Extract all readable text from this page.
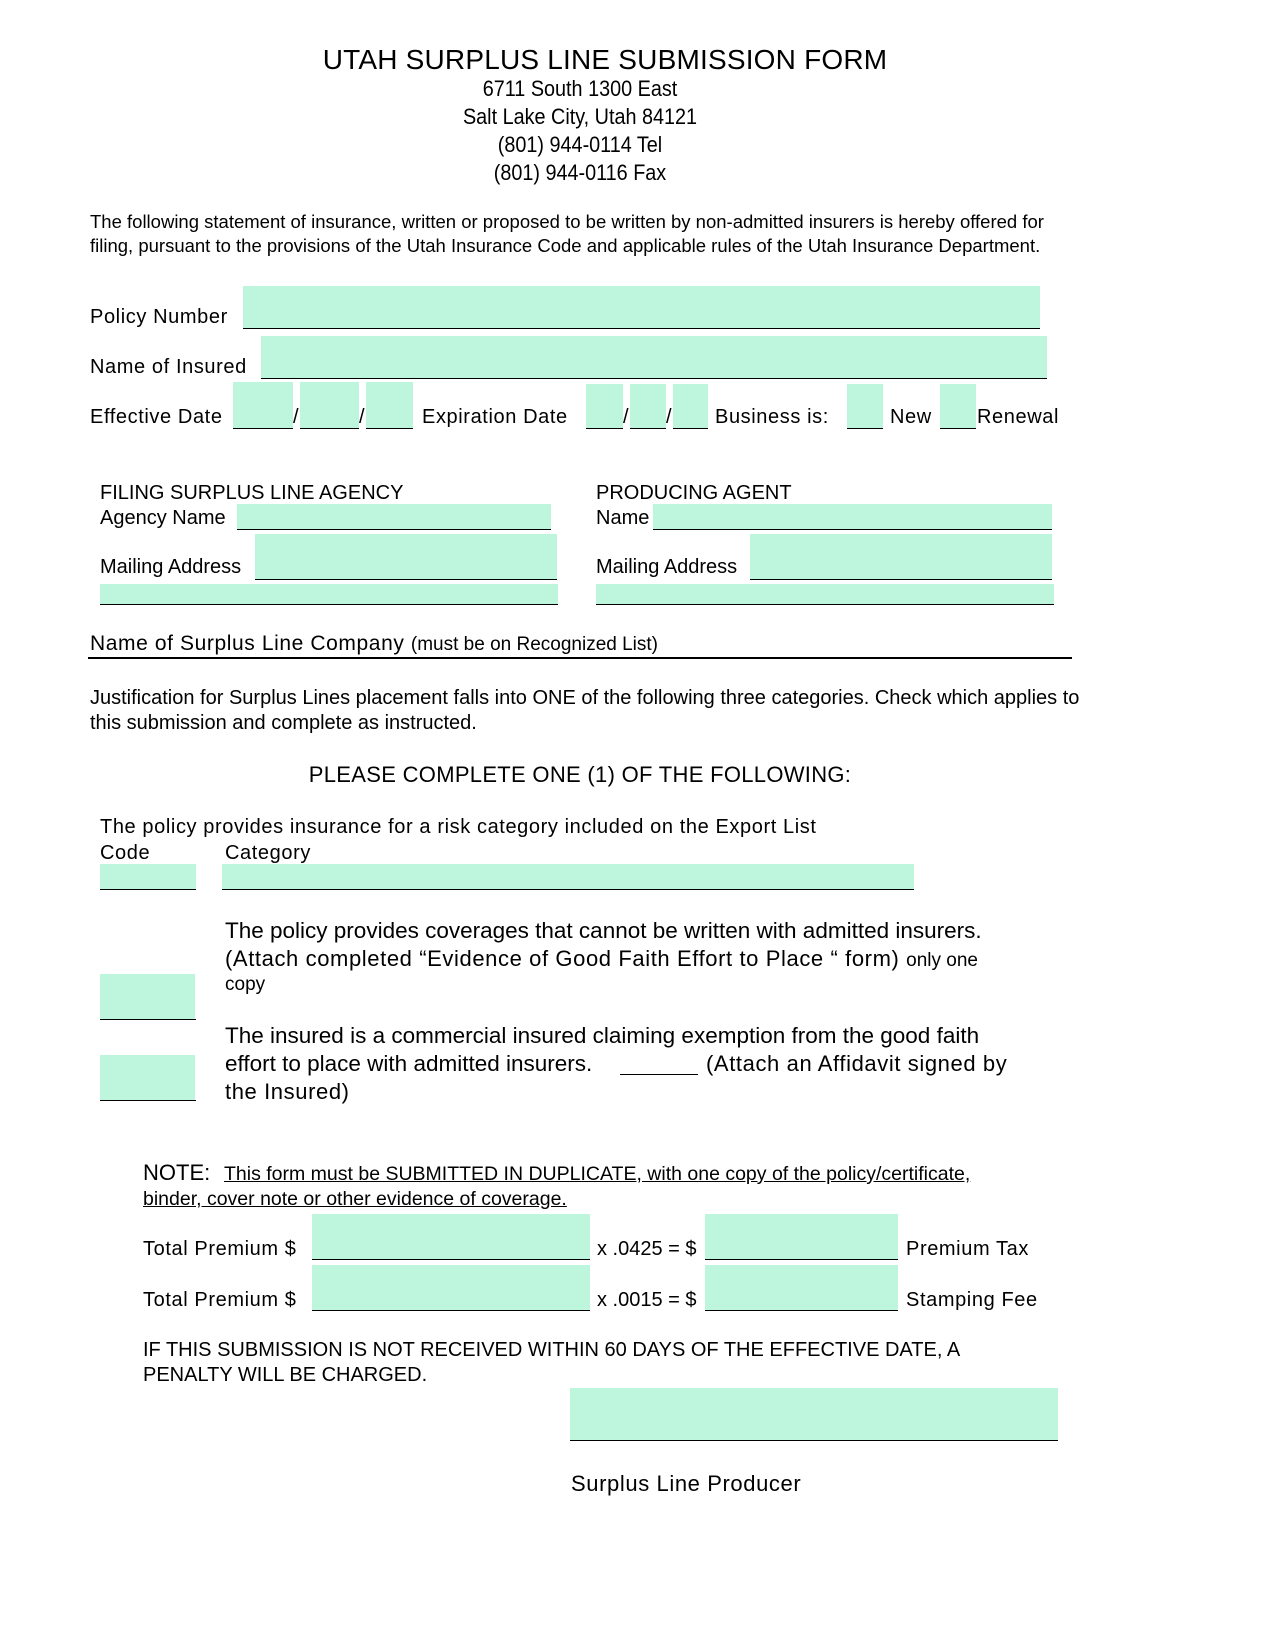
UTAH SURPLUS LINE SUBMISSION FORM
6711 South 1300 East
Salt Lake City, Utah 84121
(801) 944-0114 Tel
(801) 944-0116 Fax
The following statement of insurance, written or proposed to be written by non-admitted insurers is hereby offered for filing, pursuant to the provisions of the Utah Insurance Code and applicable rules of the Utah Insurance Department.
Policy Number
Name of Insured
Effective Date	/	/	Expiration Date	/ / Business is:	New Renewal
FILING SURPLUS LINE AGENCY
Agency Name
Mailing Address
PRODUCING AGENT
Name
Mailing Address
Name of Surplus Line Company (must be on Recognized List)
Justification for Surplus Lines placement falls into ONE of the following three categories. Check which applies to this submission and complete as instructed.
PLEASE COMPLETE ONE (1) OF THE FOLLOWING:
The policy provides insurance for a risk category included on the Export List
Code	Category
The policy provides coverages that cannot be written with admitted insurers.
(Attach completed “Evidence of Good Faith Effort to Place “ form) only one
copy
The insured is a commercial insured claiming exemption from the good faith
effort to place with admitted insurers.	(Attach an Affidavit signed by
the Insured)
NOTE: This form must be SUBMITTED IN DUPLICATE, with one copy of the policy/certificate,
binder, cover note or other evidence of coverage.
Total Premium $	x .0425 = $	Premium Tax
Total Premium $	x .0015 = $	Stamping Fee
IF THIS SUBMISSION IS NOT RECEIVED WITHIN 60 DAYS OF THE EFFECTIVE DATE, A
PENALTY WILL BE CHARGED.
Surplus Line Producer
